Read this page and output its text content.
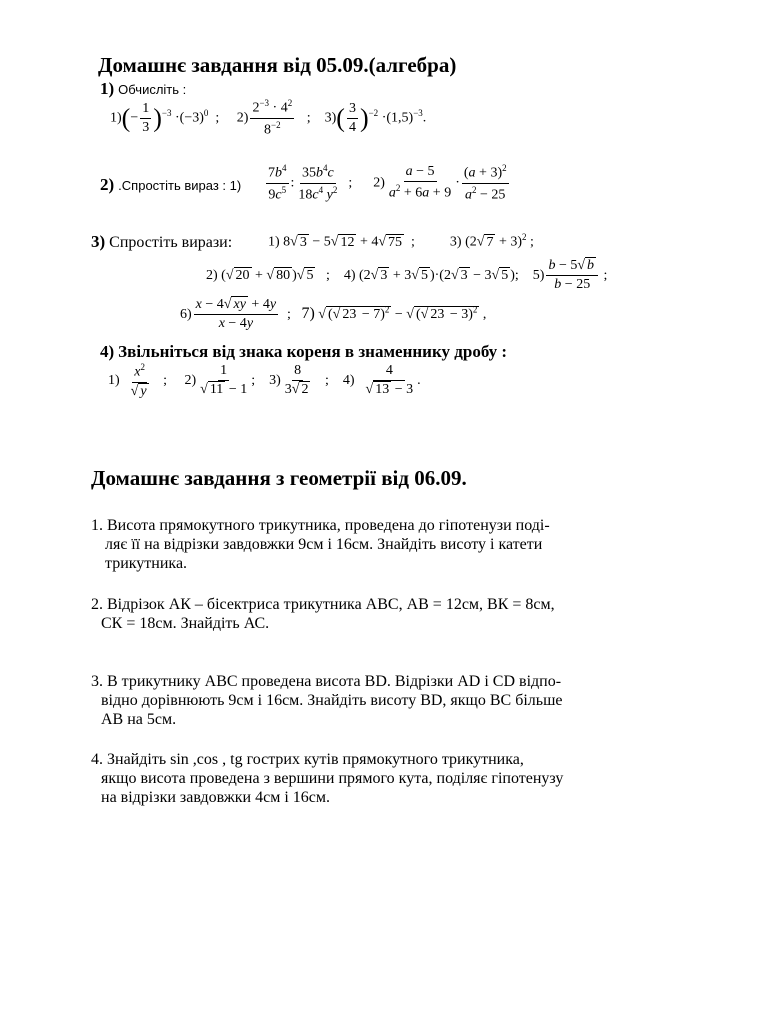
Домашнє завдання від 05.09.(алгебра)
1) Обчисліть :
$1)(- \frac{1}{3} )^{-3} \cdot(-3)^0$  ;     $2) \frac{2^{-3} \cdot 4^2}{8^{-2}}$ ;    $3)( \frac{3}{4} )^{-2} \cdot(1,5)^{-3}$.
2) .Спростіть вираз : $1) \frac{7b^4}{9c^5}$ : $\frac{35b^4c}{18c^4 y^2}$ ;      $2) \frac{a - 5}{a^2 + 6a + 9} \cdot \frac{(a + 3)^2}{a^2 - 25}$
3) Спростіть вирази:	1) 8√ 3 − 5√ 12 + 4√ 75  ;          3) (2√ 7 + 3)$^2$ ;
2) (√ 20 + √ 80 )√ 5   ;    4) (2√ 3 + 3√ 5 )·(2√ 3 − 3√ 5 );    $5) \frac{b - 5√ b}{b - 25}$ ;
$6) \frac{x - 4√ xy + 4y}{x - 4y}$ ;   7) √ (√ 23 − 7)$^2$ − √ (√ 23 − 3)$^2$ ,
4) Звільніться від знака кореня в знаменнику дробу :
$1) \frac{x^2}{√ y}$ ;     $2) \frac{1}{√ 11 - 1}$ ;    $3) \frac{8}{3√ 2}$ ;    $4) \frac{4}{√ 13 - 3}$ .
Домашнє завдання з геометрії від 06.09.

1. Висота прямокутного трикутника, проведена до гіпотенузи поді-

ляє її на відрізки завдовжки 9см і 16см. Знайдіть висоту і катети

трикутника.

2. Відрізок АК – бісектриса трикутника АВС, АВ = 12см, ВК = 8см,

СК = 18см. Знайдіть АС.

3. В трикутнику АВС проведена висота BD. Відрізки AD і CD відпо-

відно дорівнюють 9см і 16см. Знайдіть висоту BD, якщо ВС більше

АВ на 5см.

4. Знайдіть sin ,cos , tg гострих кутів прямокутного трикутника,

якщо висота проведена з вершини прямого кута, поділяє гіпотенузу

на відрізки завдовжки 4см і 16см.
